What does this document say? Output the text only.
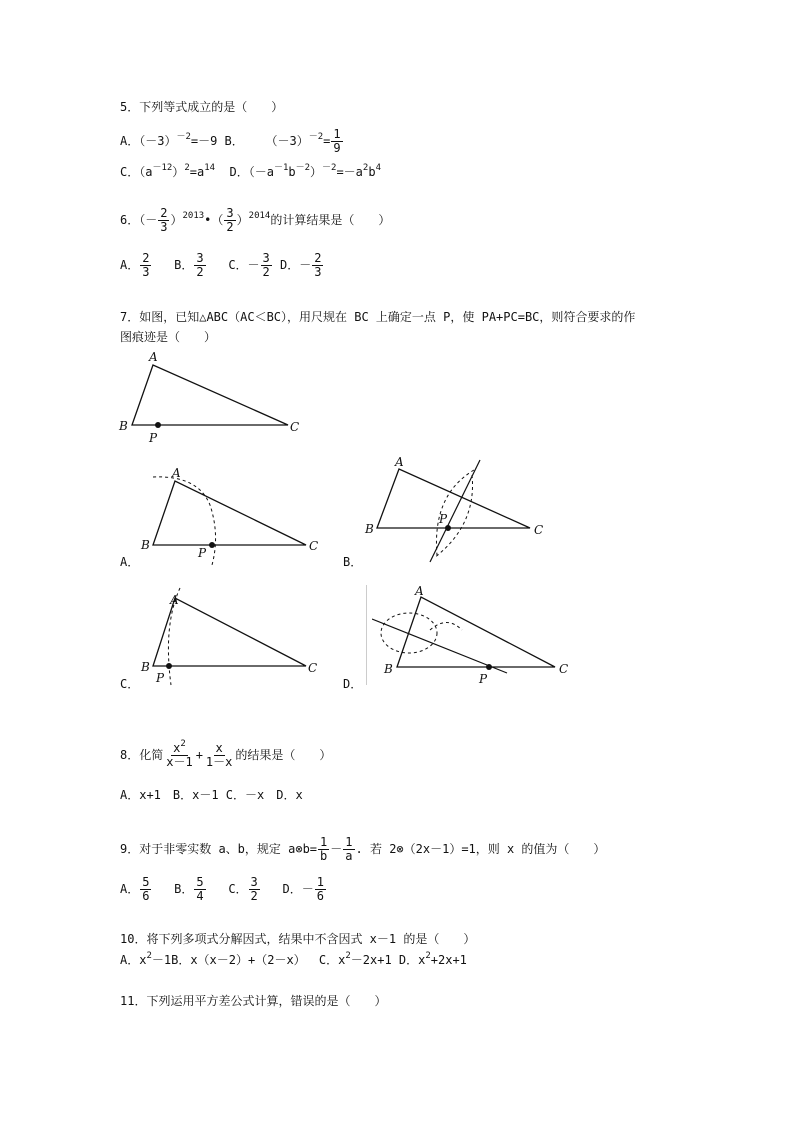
5．下列等式成立的是（　　）
A．$(-3)^{-2}=-9$ B． $(-3)^{-2}= \frac{1}{9}$
C．$(a^{-12})^2=a^{14}$ D．$(-a^{-1}b^{-2})^{-2}=-a^2b^4$
6．（－ $\frac{2}{3}$ ）$^{2013}$•（ $\frac{3}{2} )^{2014}$的计算结果是（　　）
A． $\frac{2}{3}$ B． $\frac{3}{2}$ C．－ $\frac{3}{2}$ D．－ $\frac{2}{3}$
7．如图，已知△ABC（AC＜BC），用尺规在 BC 上确定一点 P，使 PA+PC=BC，则符合要求的作
图痕迹是（　　）
A
B	C
P
A
B	C
P
A．
A
B	C
P
B．
A
B	C
P
C．
A
B	C
P
D．
8．化简 $\frac{x^2}{x-1} + \frac{x}{1-x}$ 的结果是（　　）
A．x+1　B．x－1 C．－x　D．x
9．对于非零实数 a、b，规定 a⊗b= $\frac{1}{b} - \frac{1}{a}$ . 若 2⊗（2x－1）=1，则 x 的值为（　　）
A． $\frac{5}{6}$ B． $\frac{5}{4}$ C． $\frac{3}{2}$ D．－ $\frac{1}{6}$
10．将下列多项式分解因式，结果中不含因式 x－1 的是（　　）
A．$x^2-1B$．x（x－2）+（2－x）　 C．$x^2-2x+1$ D．$x^2+2x+1$
11．下列运用平方差公式计算，错误的是（　　）
